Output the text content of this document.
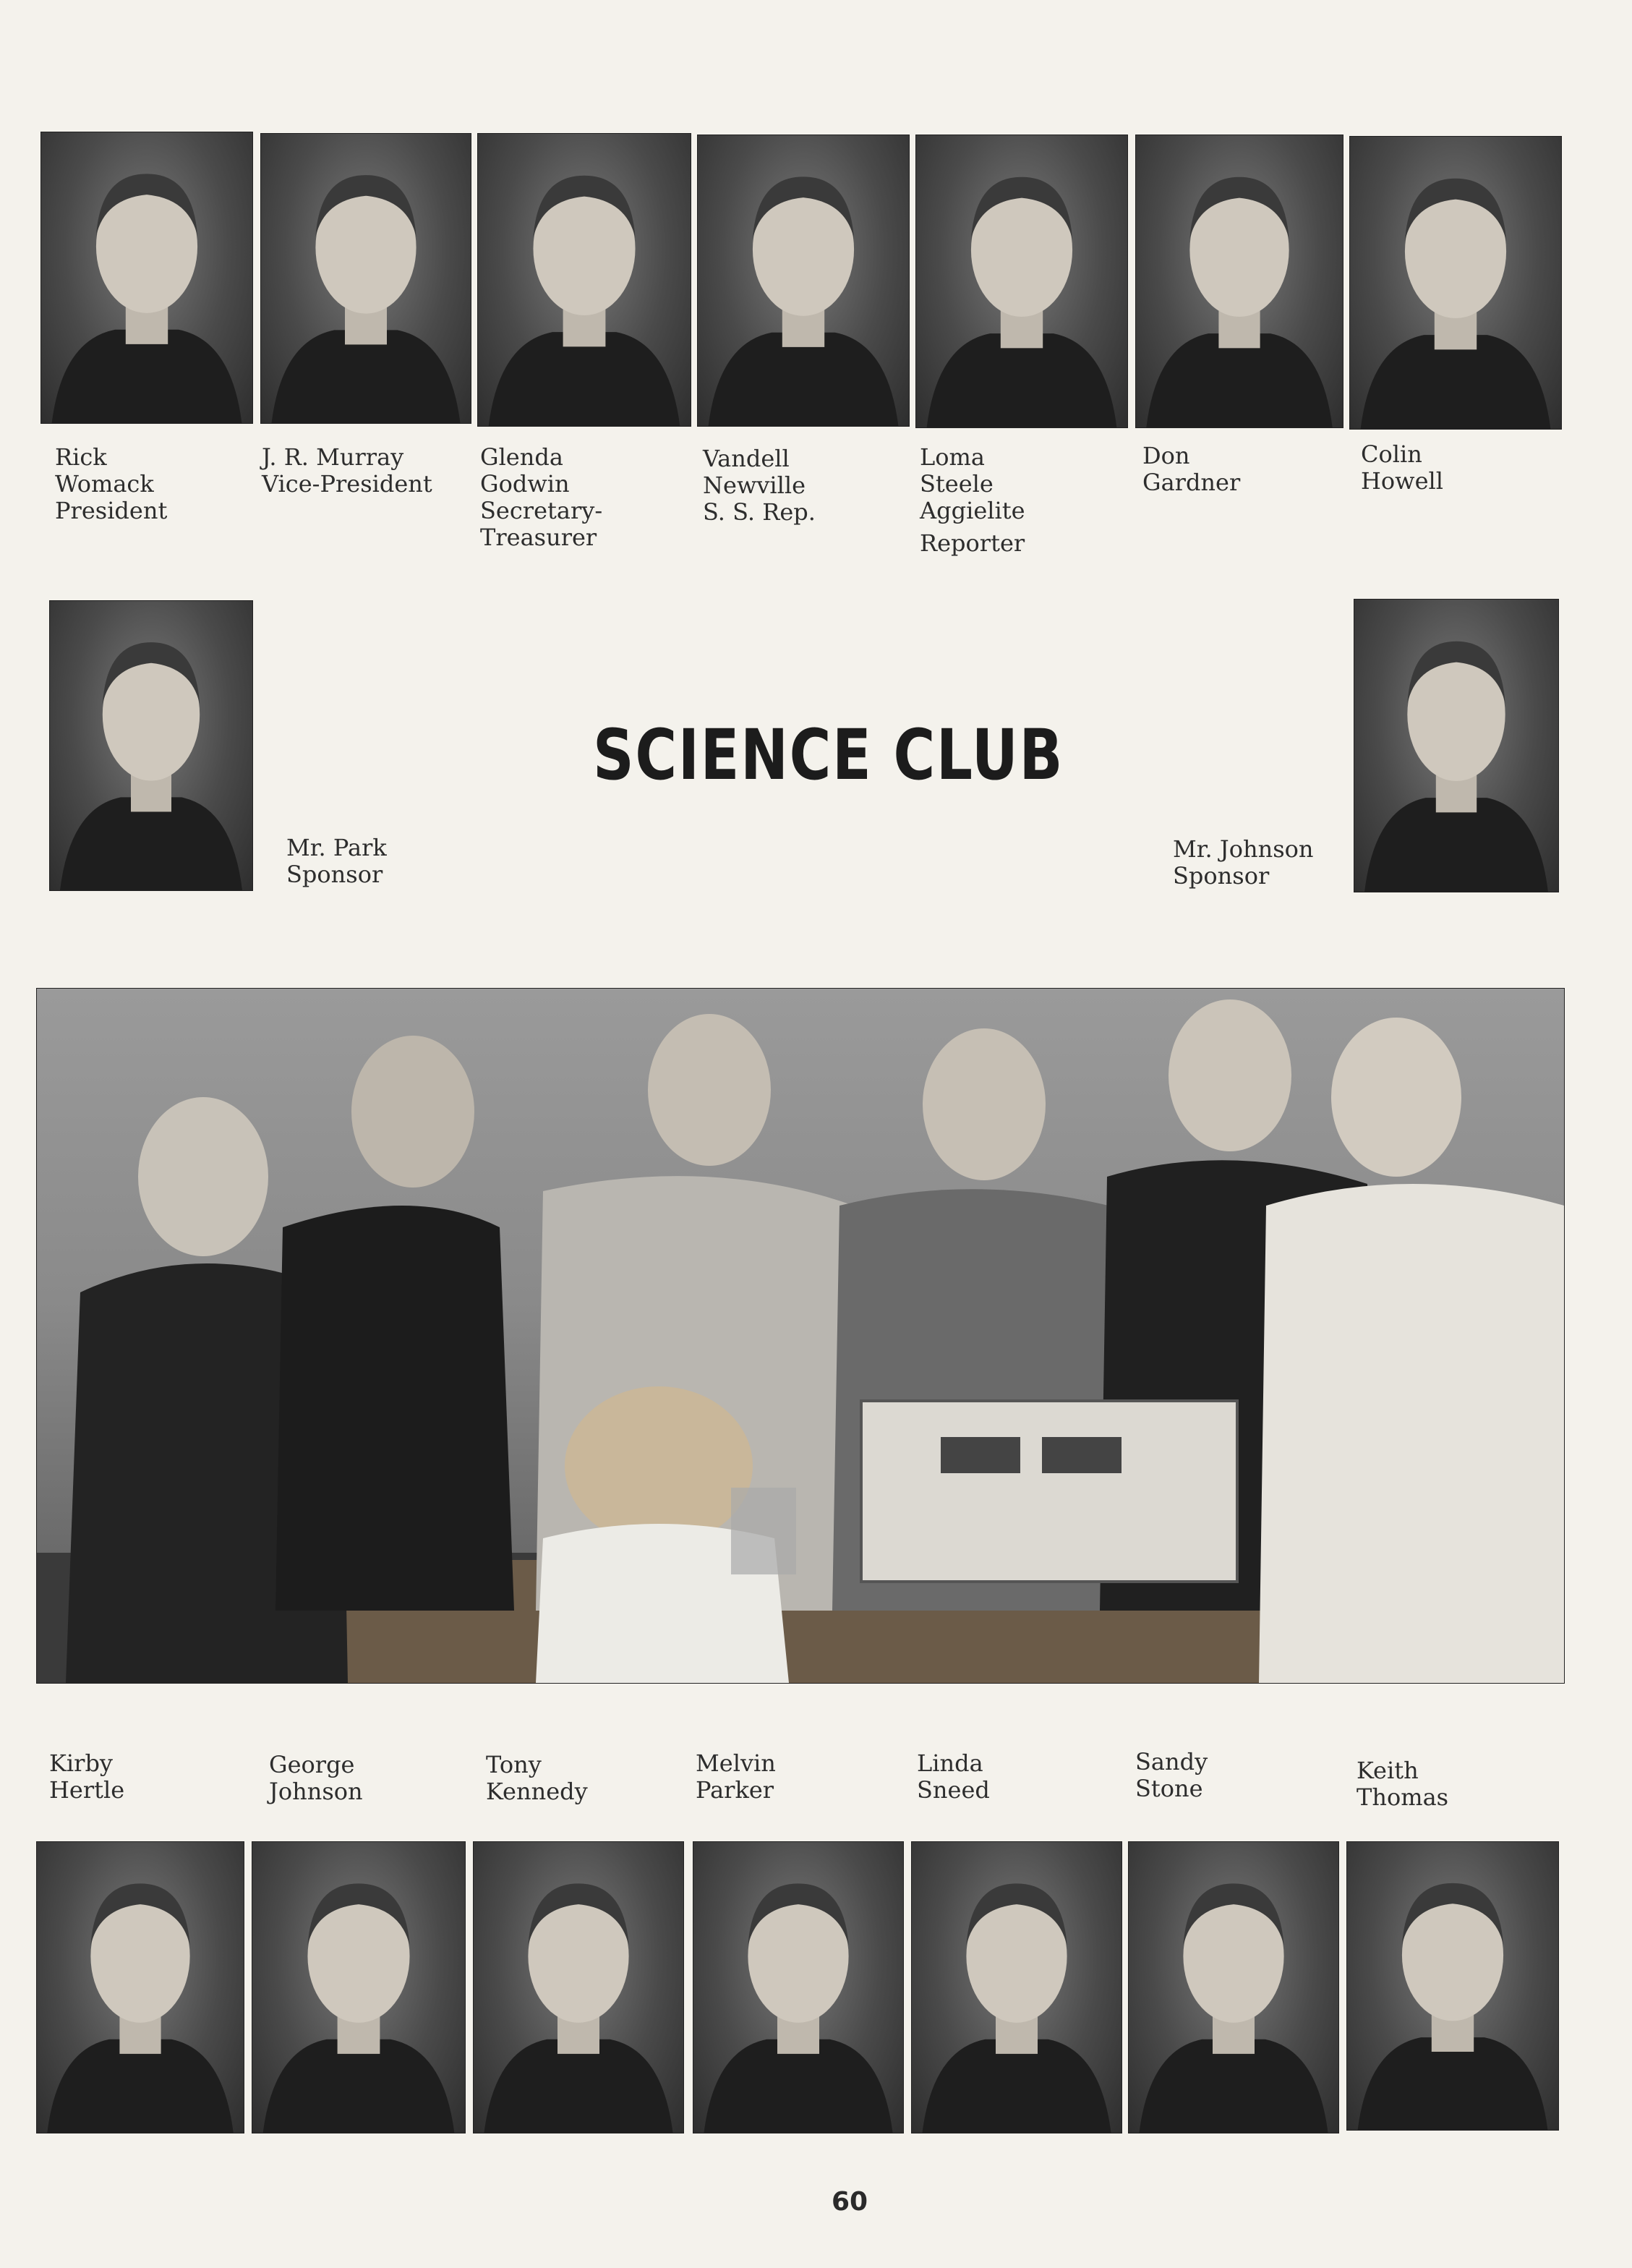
Rick
Womack
President
J. R. Murray
Vice-President
Glenda
Godwin
Secretary-
Treasurer
Vandell
Newville
S. S. Rep.
Loma
Steele
Aggielite
Reporter
Don
Gardner
Colin
Howell
Mr. Park
Sponsor
SCIENCE CLUB
Mr. Johnson
Sponsor
Kirby
Hertle
George
Johnson
Tony
Kennedy
Melvin
Parker
Linda
Sneed
Sandy
Stone
Keith
Thomas
60
